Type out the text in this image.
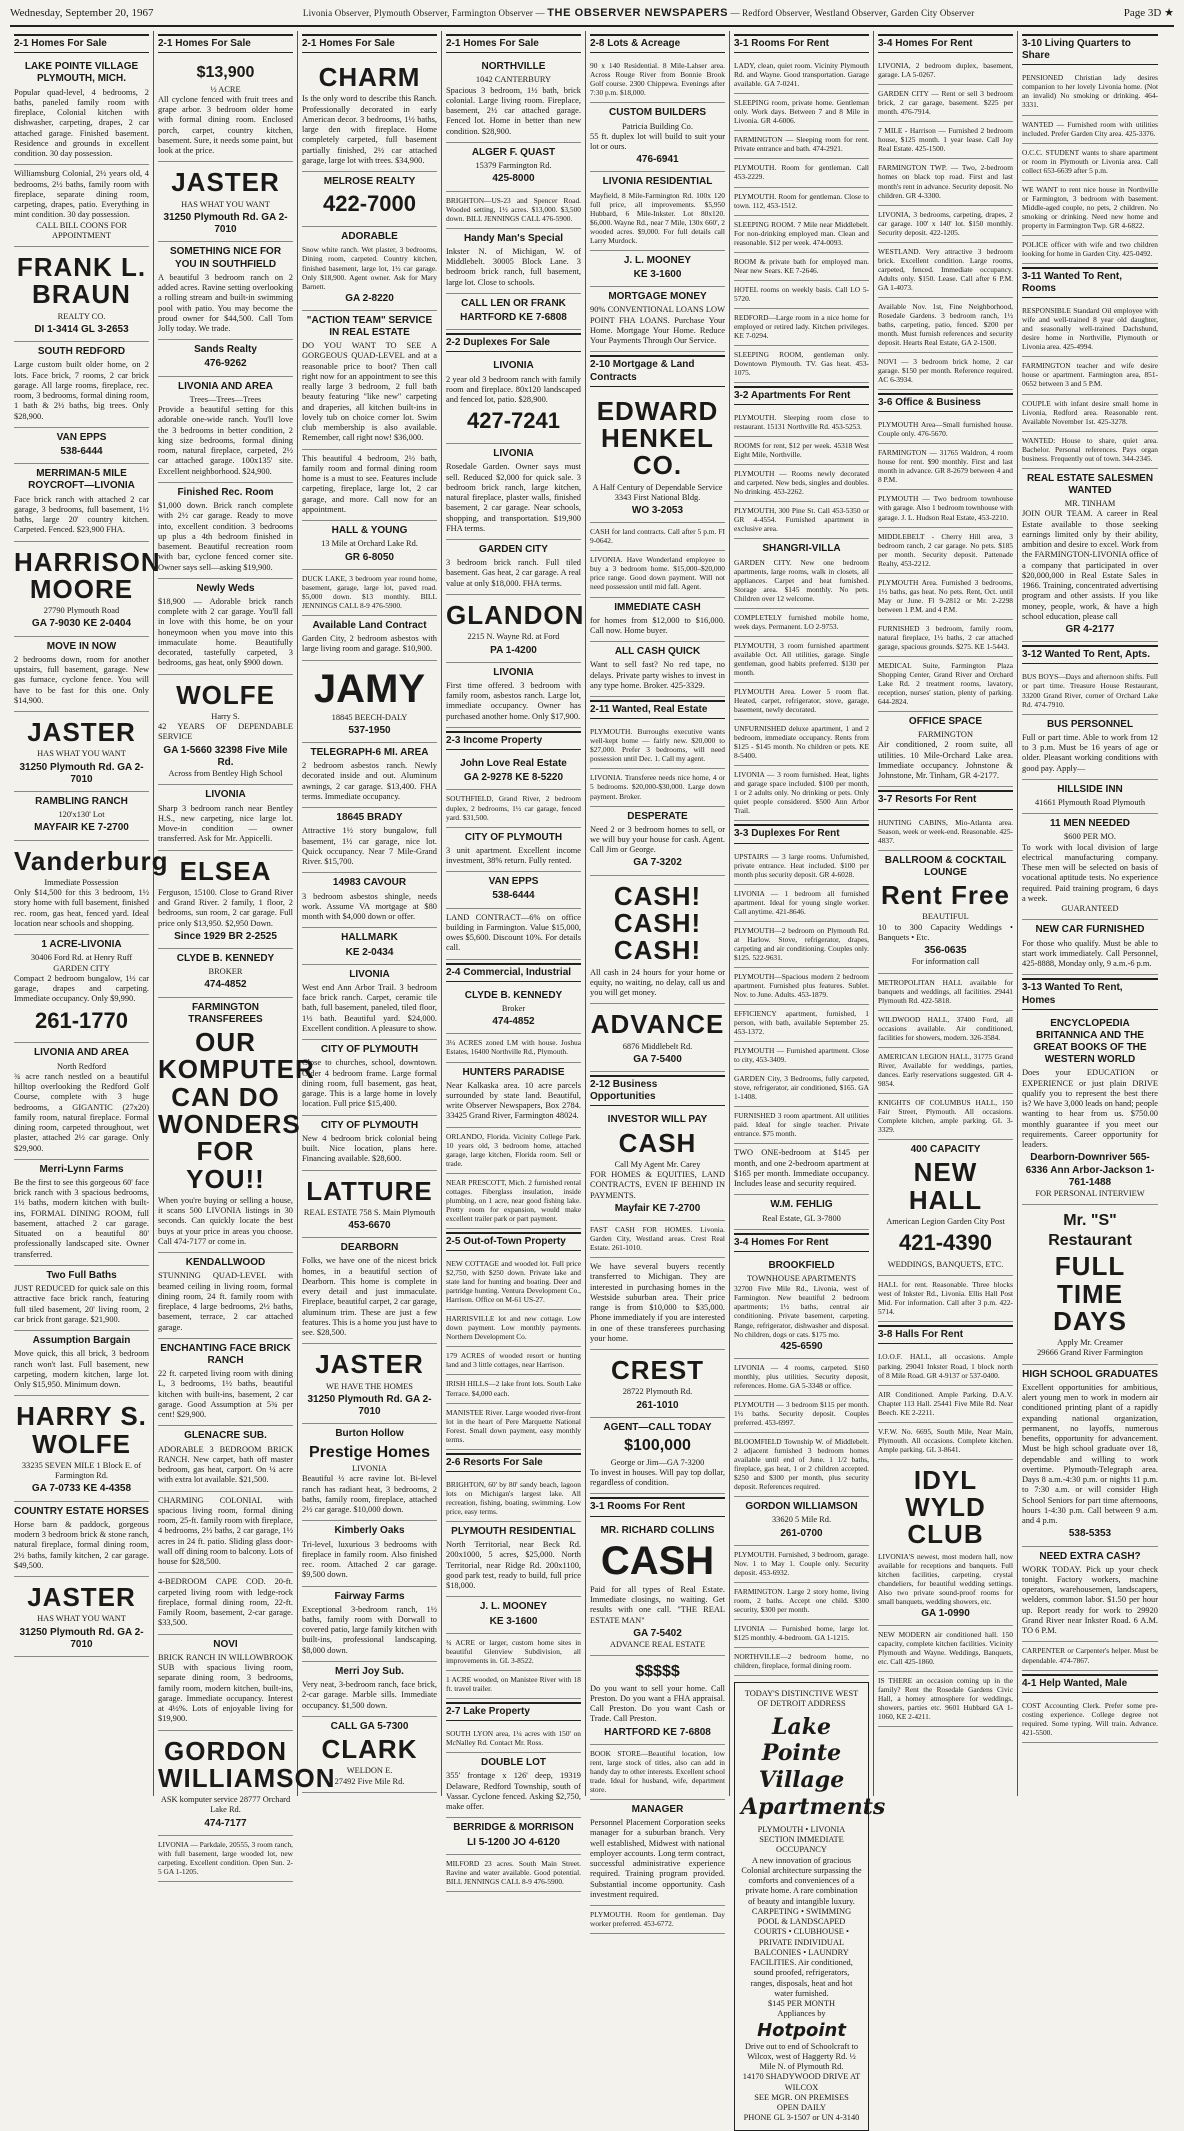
Wednesday, September 20, 1967	Livonia Observer, Plymouth Observer, Farmington Observer — THE OBSERVER NEWSPAPERS — Redford Observer, Westland Observer, Garden City Observer	Page 3D ★
2-1 Homes For Sale
LAKE POINTE VILLAGE PLYMOUTH, MICH.
Popular quad-level, 4 bedrooms, 2 baths, paneled family room with fireplace, Colonial kitchen with dishwasher, carpeting, drapes, 2 car attached garage. Finished basement. Residence and grounds in excellent condition. 30 day possession.
Williamsburg Colonial, 2½ years old, 4 bedrooms, 2½ baths, family room with fireplace, separate dining room, carpeting, drapes, patio. Everything in mint condition. 30 day possession.
CALL BILL COONS FOR APPOINTMENT
FRANK L. BRAUN
REALTY CO.
DI 1-3414 GL 3-2653
SOUTH REDFORD
Large custom built older home, on 2 lots. Face brick, 7 rooms, 2 car brick garage. All large rooms, fireplace, rec. room, 3 bedrooms, formal dining room, 1 bath & 2½ baths, big trees. Only $28,900.
VAN EPPS
538-6444
MERRIMAN-5 MILE ROYCROFT—LIVONIA
Face brick ranch with attached 2 car garage, 3 bedrooms, full basement, 1½ baths, large 20' country kitchen. Carpeted. Fenced. $23,900 FHA.
HARRISON MOORE
27790 Plymouth Road
GA 7-9030 KE 2-0404
MOVE IN NOW
2 bedrooms down, room for another upstairs, full basement, garage. New gas furnace, cyclone fence. You will have to be fast for this one. Only $14,900.
JASTER
HAS WHAT YOU WANT
31250 Plymouth Rd. GA 2-7010
RAMBLING RANCH
120'x130' Lot
MAYFAIR KE 7-2700
Vanderburg
Immediate Possession
Only $14,500 for this 3 bedroom, 1½ story home with full basement, finished rec. room, gas heat, fenced yard. Ideal location near schools and shopping.
1 ACRE-LIVONIA
30406 Ford Rd. at Henry Ruff GARDEN CITY
Compact 2 bedroom bungalow, 1½ car garage, drapes and carpeting. Immediate occupancy. Only $9,990.
261-1770
LIVONIA AND AREA
North Redford
¾ acre ranch nestled on a beautiful hilltop overlooking the Redford Golf Course, complete with 3 huge bedrooms, a GIGANTIC (27x20) family room, natural fireplace. Formal dining room, carpeted throughout, wet plaster, attached 2½ car garage. Only $29,900.
Merri-Lynn Farms
Be the first to see this gorgeous 60' face brick ranch with 3 spacious bedrooms, 1½ baths, modern kitchen with built-ins, FORMAL DINING ROOM, full basement, attached 2 car garage. Situated on a beautiful 80' professionally landscaped site. Owner transferred.
Two Full Baths
JUST REDUCED for quick sale on this attractive face brick ranch, featuring full tiled basement, 20' living room, 2 car brick front garage. $21,900.
Assumption Bargain
Move quick, this all brick, 3 bedroom ranch won't last. Full basement, new carpeting, modern kitchen, large lot. Only $15,950. Minimum down.
HARRY S. WOLFE
33235 SEVEN MILE 1 Block E. of Farmington Rd.
GA 7-0733 KE 4-4358
COUNTRY ESTATE HORSES
Horse barn & paddock, gorgeous modern 3 bedroom brick & stone ranch, natural fireplace, formal dining room, 2½ baths, family kitchen, 2 car garage. $49,500.
JASTER
HAS WHAT YOU WANT
31250 Plymouth Rd. GA 2-7010
2-1 Homes For Sale
$13,900
½ ACRE
All cyclone fenced with fruit trees and grape arbor. 3 bedroom older home with formal dining room. Enclosed porch, carpet, country kitchen, basement. Sure, it needs some paint, but look at the price.
JASTER
HAS WHAT YOU WANT
31250 Plymouth Rd. GA 2-7010
SOMETHING NICE FOR YOU IN SOUTHFIELD
A beautiful 3 bedroom ranch on 2 added acres. Ravine setting overlooking a rolling stream and built-in swimming pool with patio. You may become the proud owner for $44,500. Call Tom Jolly today. We trade.
Sands Realty
476-9262
LIVONIA AND AREA
Trees—Trees—Trees
Provide a beautiful setting for this adorable one-wide ranch. You'll love the 3 bedrooms in better condition, 2 king size bedrooms, formal dining room, natural fireplace, carpeted, 2½ car attached garage. 100x135' site. Excellent neighborhood. $24,900.
Finished Rec. Room
$1,000 down. Brick ranch complete with 2½ car garage. Ready to move into, excellent condition. 3 bedrooms up plus a 4th bedroom finished in basement. Beautiful recreation room with bar, cyclone fenced corner site. Owner says sell—asking $19,900.
Newly Weds
$18,900 — Adorable brick ranch complete with 2 car garage. You'll fall in love with this home, be on your honeymoon when you move into this immaculate home. Beautifully decorated, tastefully carpeted, 3 bedrooms, gas heat, only $900 down.
WOLFE
Harry S.
42 YEARS OF DEPENDABLE SERVICE
GA 1-5660 32398 Five Mile Rd.
Across from Bentley High School
LIVONIA
Sharp 3 bedroom ranch near Bentley H.S., new carpeting, nice large lot. Move-in condition — owner transferred. Ask for Mr. Appicelli.
ELSEA
Ferguson, 15100. Close to Grand River and Grand River. 2 family, 1 floor, 2 bedrooms, sun room, 2 car garage. Full price only $13,950. $2,950 Down.
Since 1929 BR 2-2525
CLYDE B. KENNEDY
BROKER
474-4852
FARMINGTON TRANSFEREES
OUR KOMPUTER CAN DO WONDERS FOR YOU!!
When you're buying or selling a house, it scans 500 LIVONIA listings in 30 seconds. Can quickly locate the best buys at your price in areas you choose. Call 474-7177 or come in.
KENDALLWOOD
STUNNING QUAD-LEVEL with beamed ceiling in living room, formal dining room, 24 ft. family room with fireplace, 4 large bedrooms, 2½ baths, basement, terrace, 2 car attached garage.
ENCHANTING FACE BRICK RANCH
22 ft. carpeted living room with dining L, 3 bedrooms, 1½ baths, beautiful kitchen with built-ins, basement, 2 car garage. Good Assumption at 5¾ per cent! $29,900.
GLENACRE SUB.
ADORABLE 3 BEDROOM BRICK RANCH. New carpet, bath off master bedroom, gas heat, carport. On ¼ acre with extra lot available. $21,500.
CHARMING COLONIAL with spacious living room, formal dining room, 25-ft. family room with fireplace, 4 bedrooms, 2½ baths, 2 car garage, 1½ acres in 24 ft. patio. Sliding glass door-wall off dining room to balcony. Lots of house for $28,500.
4-BEDROOM CAPE COD. 20-ft. carpeted living room with ledge-rock fireplace, formal dining room, 22-ft. Family Room, basement, 2-car garage. $33,500.
NOVI
BRICK RANCH IN WILLOWBROOK SUB with spacious living room, separate dining room, 3 bedrooms, family room, modern kitchen, built-ins, garage. Immediate occupancy. Interest at 4½%. Lots of enjoyable living for $19,900.
GORDON WILLIAMSON
ASK komputer service 28777 Orchard Lake Rd.
474-7177
LIVONIA — Parkdale, 20555, 3 room ranch, with full basement, large wooded lot, new carpeting. Excellent condition. Open Sun. 2-5 GA 1-1205.
2-1 Homes For Sale
CHARM
Is the only word to describe this Ranch. Professionally decorated in early American decor. 3 bedrooms, 1½ baths, large den with fireplace. Home completely carpeted, full basement partially finished, 2½ car attached garage, large lot with trees. $34,900.
MELROSE REALTY
422-7000
ADORABLE
Snow white ranch. Wet plaster, 3 bedrooms, Dining room, carpeted. Country kitchen, finished basement, large lot, 1½ car garage. Only $18,900. Agent owner. Ask for Mary Barnett.
GA 2-8220
"ACTION TEAM" SERVICE IN REAL ESTATE
DO YOU WANT TO SEE A GORGEOUS QUAD-LEVEL and at a reasonable price to boot? Then call right now for an appointment to see this really large 3 bedroom, 2 full bath beauty featuring "like new" carpeting and draperies, all kitchen built-ins in lovely tub on choice corner lot. Swim club membership is also available. Remember, call right now! $36,000.
This beautiful 4 bedroom, 2½ bath, family room and formal dining room home is a must to see. Features include carpeting, fireplace, large lot, 2 car garage, and more. Call now for an appointment.
HALL & YOUNG
13 Mile at Orchard Lake Rd.
GR 6-8050
DUCK LAKE, 3 bedroom year round home, basement, garage, large lot, paved road. $5,000 down. $13 monthly. BILL JENNINGS CALL 8-9 476-5900.
Available Land Contract
Garden City, 2 bedroom asbestos with large living room and garage. $10,900.
JAMY
18845 BEECH-DALY
537-1950
TELEGRAPH-6 MI. AREA
2 bedroom asbestos ranch. Newly decorated inside and out. Aluminum awnings, 2 car garage. $13,400. FHA terms. Immediate occupancy.
18645 BRADY
Attractive 1½ story bungalow, full basement, 1½ car garage, nice lot. Quick occupancy. Near 7 Mile-Grand River. $15,700.
14983 CAVOUR
3 bedroom asbestos shingle, needs work. Assume VA mortgage at $80 month with $4,000 down or offer.
HALLMARK
KE 2-0434
LIVONIA
West end Ann Arbor Trail. 3 bedroom face brick ranch. Carpet, ceramic tile bath, full basement, paneled, tiled floor, 1½ bath. Beautiful yard. $24,000. Excellent condition. A pleasure to show.
CITY OF PLYMOUTH
Close to churches, school, downtown. Older 4 bedroom frame. Large formal dining room, full basement, gas heat, garage. This is a large home in lovely location. Full price $15,400.
CITY OF PLYMOUTH
New 4 bedroom brick colonial being built. Nice location, plans here. Financing available. $28,600.
LATTURE
REAL ESTATE 758 S. Main Plymouth
453-6670
DEARBORN
Folks, we have one of the nicest brick homes, in a beautiful section of Dearborn. This home is complete in every detail and just immaculate. Fireplace, beautiful carpet, 2 car garage, aluminum trim. These are just a few features. This is a home you just have to see. $28,500.
JASTER
WE HAVE THE HOMES
31250 Plymouth Rd. GA 2-7010
Burton Hollow
Prestige Homes
LIVONIA
Beautiful ½ acre ravine lot. Bi-level ranch has radiant heat, 3 bedrooms, 2 baths, family room, fireplace, attached 2½ car garage. $10,000 down.
Kimberly Oaks
Tri-level, luxurious 3 bedrooms with fireplace in family room. Also finished rec. room. Attached 2 car garage. $9,500 down.
Fairway Farms
Exceptional 3-bedroom ranch, 1½ baths, family room with Dorwall to covered patio, large family kitchen with built-ins, professional landscaping. $8,000 down.
Merri Joy Sub.
Very neat, 3-bedroom ranch, face brick, 2-car garage. Marble sills. Immediate occupancy. $1,500 down.
CALL GA 5-7300
CLARK
WELDON E.
27492 Five Mile Rd.
2-1 Homes For Sale
NORTHVILLE
1042 CANTERBURY
Spacious 3 bedroom, 1½ bath, brick colonial. Large living room. Fireplace, basement, 2½ car attached garage. Fenced lot. Home in better than new condition. $28,900.
ALGER F. QUAST
15379 Farmington Rd.
425-8000
BRIGHTON—US-23 and Spencer Road. Wooded setting, 1½ acres. $13,000. $3,500 down. BILL JENNINGS CALL 476-5900.
Handy Man's Special
Inkster N. of Michigan, W. of Middlebelt. 30005 Block Lane. 3 bedroom brick ranch, full basement, large lot. Close to schools.
CALL LEN OR FRANK
HARTFORD KE 7-6808
2-2 Duplexes For Sale
LIVONIA
2 year old 3 bedroom ranch with family room and fireplace. 80x120 landscaped and fenced lot, patio. $28,900.
427-7241
LIVONIA
Rosedale Garden. Owner says must sell. Reduced $2,000 for quick sale. 3 bedroom brick ranch, large kitchen, natural fireplace, plaster walls, finished basement, 2 car garage. Near schools, shopping, and transportation. $19,900 FHA terms.
GARDEN CITY
3 bedroom brick ranch. Full tiled basement. Gas heat, 2 car garage. A real value at only $18,000. FHA terms.
GLANDON
2215 N. Wayne Rd. at Ford
PA 1-4200
LIVONIA
First time offered. 3 bedroom with family room, asbestos ranch. Large lot, immediate occupancy. Owner has purchased another home. Only $17,900.
2-3 Income Property
John Love Real Estate
GA 2-9278 KE 8-5220
SOUTHFIELD, Grand River, 2 bedroom duplex, 2 bedrooms, 1½ car garage, fenced yard. $31,500.
CITY OF PLYMOUTH
3 unit apartment. Excellent income investment, 38% return. Fully rented.
VAN EPPS
538-6444
LAND CONTRACT—6% on office building in Farmington. Value $15,000, owes $5,600. Discount 10%. For details call.
2-4 Commercial, Industrial
CLYDE B. KENNEDY
Broker
474-4852
3¼ ACRES zoned LM with house. Joshua Estates, 16400 Northville Rd., Plymouth.
HUNTERS PARADISE
Near Kalkaska area. 10 acre parcels surrounded by state land. Beautiful, write Observer Newspapers, Box 2784. 33425 Grand River, Farmington 48024.
ORLANDO, Florida. Vicinity College Park. 10 years old, 3 bedroom home, attached garage, large kitchen, Florida room. Sell or trade.
NEAR PRESCOTT, Mich. 2 furnished rental cottages. Fiberglass insulation, inside plumbing, on 1 acre, near good fishing lake. Pretty room for expansion, would make excellent trailer park or part payment.
2-5 Out-of-Town Property
NEW COTTAGE and wooded lot. Full price $2,750, with $250 down. Private lake and state land for hunting and boating. Deer and partridge hunting. Ventura Development Co., Harrison. Office on M-61 US-27.
HARRISVILLE lot and new cottage. Low down payment. Low monthly payments. Northern Development Co.
179 ACRES of wooded resort or hunting land and 3 little cottages, near Harrison.
IRISH HILLS—2 lake front lots. South Lake Terrace. $4,000 each.
MANISTEE River. Large wooded river-front lot in the heart of Pere Marquette National Forest. Small down payment, easy monthly terms.
2-6 Resorts For Sale
BRIGHTON, 60' by 80' sandy beach, lagoon lots on Michigan's largest lake. All recreation, fishing, boating, swimming. Low price, easy terms.
PLYMOUTH RESIDENTIAL
North Territorial, near Beck Rd. 200x1000, 5 acres, $25,000. North Territorial, near Ridge Rd. 200x1100, good park test, ready to build, full price $18,000.
J. L. MOONEY
KE 3-1600
¾ ACRE or larger, custom home sites in beautiful Glenview Subdivision, all improvements in. GL 3-8522.
1 ACRE wooded, on Manistee River with 18 ft. travel trailer.
2-7 Lake Property
SOUTH LYON area, 1¼ acres with 150' on McNalley Rd. Contact Mr. Ross.
DOUBLE LOT
355' frontage x 126' deep, 19319 Delaware, Redford Township, south of Vassar. Cyclone fenced. Asking $2,750, make offer.
BERRIDGE & MORRISON
LI 5-1200 JO 4-6120
MILFORD 23 acres. South Main Street. Ravine and water available. Good potential. BILL JENNINGS CALL 8-9 476-5900.
2-8 Lots & Acreage
90 x 140 Residential. 8 Mile-Lahser area. Across Rouge River from Bonnie Brook Golf course. 2300 Chippewa. Evenings after 7:30 p.m. $18,000.
CUSTOM BUILDERS
Patricia Building Co.
55 ft. duplex lot will build to suit your lot or ours.
476-6941
LIVONIA RESIDENTIAL
Mayfield, 8 Mile-Farmington Rd. 100x 120 full price, all improvements. $5,950 Hubbard, 6 Mile-Inkster. Lot 80x120. $6,000. Wayne Rd., near 7 Mile, 130x 660', 2 wooded acres. $9,000. For full details call Larry Murdock.
J. L. MOONEY
KE 3-1600
MORTGAGE MONEY
90% CONVENTIONAL LOANS LOW POINT FHA LOANS. Purchase Your Home. Mortgage Your Home. Reduce Your Payments Through Our Service.
2-10 Mortgage & Land Contracts
EDWARD HENKEL CO.
A Half Century of Dependable Service 3343 First National Bldg.
WO 3-2053
CASH for land contracts. Call after 5 p.m. FI 9-0642.
LIVONIA. Have Wonderland employee to buy a 3 bedroom home. $15,000–$20,000 price range. Good down payment. Will not need possession until mid fall. Agent.
IMMEDIATE CASH
for homes from $12,000 to $16,000. Call now. Home buyer.
ALL CASH QUICK
Want to sell fast? No red tape, no delays. Private party wishes to invest in any type home. Broker. 425-3329.
2-11 Wanted, Real Estate
PLYMOUTH. Burroughs executive wants well-kept home — fairly new. $20,000 to $27,000. Prefer 3 bedrooms, will need possession until Dec. 1. Call my agent.
LIVONIA. Transferee needs nice home, 4 or 5 bedrooms. $20,000-$30,000. Large down payment. Broker.
DESPERATE
Need 2 or 3 bedroom homes to sell, or we will buy your house for cash. Agent. Call Jim or George.
GA 7-3202
CASH! CASH! CASH!
All cash in 24 hours for your home or equity, no waiting, no delay, call us and you will get money.
ADVANCE
6876 Middlebelt Rd.
GA 7-5400
2-12 Business Opportunities
INVESTOR WILL PAY
CASH
Call My Agent Mr. Carey
FOR HOMES & EQUITIES, LAND CONTRACTS, EVEN IF BEHIND IN PAYMENTS.
Mayfair KE 7-2700
FAST CASH FOR HOMES. Livonia. Garden City, Westland areas. Crest Real Estate. 261-1010.
We have several buyers recently transferred to Michigan. They are interested in purchasing homes in the Westside suburban area. Their price range is from $10,000 to $35,000. Phone immediately if you are interested in one of these transferees purchasing your home.
CREST
28722 Plymouth Rd.
261-1010
AGENT—CALL TODAY
$100,000
George or Jim—GA 7-3200
To invest in houses. Will pay top dollar, regardless of condition.
3-1 Rooms For Rent
MR. RICHARD COLLINS
CASH
Paid for all types of Real Estate. Immediate closings, no waiting. Get results with one call. "THE REAL ESTATE MAN"
GA 7-5402
ADVANCE REAL ESTATE
$$$$$
Do you want to sell your home. Call Preston. Do you want a FHA appraisal. Call Preston. Do you want Cash or Trade. Call Preston.
HARTFORD KE 7-6808
BOOK STORE—Beautiful location, low rent, large stock of titles, also can add in handy day to other interests. Excellent school trade. Ideal for husband, wife, department store.
MANAGER
Personnel Placement Corporation seeks manager for a suburban branch. Very well established, Midwest with national employer accounts. Long term contract, successful administrative experience required. Training program provided. Substantial income opportunity. Cash investment required.
PLYMOUTH. Room for gentleman. Day worker preferred. 453-6772.
3-1 Rooms For Rent
LADY, clean, quiet room. Vicinity Plymouth Rd. and Wayne. Good transportation. Garage available. GA 7-0241.
SLEEPING room, private home. Gentleman only. Work days. Between 7 and 8 Mile in Livonia. GR 4-6006.
FARMINGTON — Sleeping room for rent. Private entrance and bath. 474-2921.
PLYMOUTH. Room for gentleman. Call 453-2229.
PLYMOUTH. Room for gentleman. Close to town. 112, 453-1512.
SLEEPING ROOM. 7 Mile near Middlebelt. For non-drinking employed man. Clean and reasonable. $12 per week. 474-0093.
ROOM & private bath for employed man. Near new Sears. KE 7-2646.
HOTEL rooms on weekly basis. Call LO 5-5720.
REDFORD—Large room in a nice home for employed or retired lady. Kitchen privileges. KE 7-0294.
SLEEPING ROOM, gentleman only. Downtown Plymouth. TV. Gas heat. 453-1075.
3-2 Apartments For Rent
PLYMOUTH. Sleeping room close to restaurant. 15131 Northville Rd. 453-5253.
ROOMS for rent, $12 per week. 45318 West Eight Mile, Northville.
PLYMOUTH — Rooms newly decorated and carpeted. New beds, singles and doubles. No drinking. 453-2262.
PLYMOUTH, 300 Pine St. Call 453-5350 or GR 4-4554. Furnished apartment in exclusive area.
SHANGRI-VILLA
GARDEN CITY. New one bedroom apartments, large rooms, walk in closets, all appliances. Carpet and heat furnished. Storage area. $145 monthly. No pets. Children over 12 welcome.
COMPLETELY furnished mobile home, week days. Permanent. LO 2-9753.
PLYMOUTH, 3 room furnished apartment available Oct. All utilities, garage. Single gentleman, good habits preferred. $130 per month.
PLYMOUTH Area. Lower 5 room flat. Heated, carpet, refrigerator, stove, garage, basement, newly decorated.
UNFURNISHED deluxe apartment, 1 and 2 bedroom, immediate occupancy. Rents from $125 - $145 month. No children or pets. KE 8-5400.
LIVONIA — 3 room furnished. Heat, lights and garage space included. $100 per month, 1 or 2 adults only. No drinking or pets. Only quiet people considered. $500 Ann Arbor Trail.
3-3 Duplexes For Rent
UPSTAIRS — 3 large rooms. Unfurnished, private entrance. Heat included. $100 per month plus security deposit. GR 4-6028.
LIVONIA — 1 bedroom all furnished apartment. Ideal for young single worker. Call anytime. 421-8646.
PLYMOUTH—2 bedroom on Plymouth Rd. at Harlow. Stove, refrigerator, drapes, carpeting and air conditioning. Couples only. $125. 522-9631.
PLYMOUTH—Spacious modern 2 bedroom apartment. Furnished plus features. Sublet. Nov. to June. Adults. 453-1879.
EFFICIENCY apartment, furnished, 1 person, with bath, available September 25. 453-1372.
PLYMOUTH — Furnished apartment. Close to city, 453-3409.
GARDEN City, 3 Bedrooms, fully carpeted, stove, refrigerator, air conditioned, $165. GA 1-1408.
FURNISHED 3 room apartment. All utilities paid. Ideal for single teacher. Private entrance. $75 month.
TWO ONE-bedroom at $145 per month, and one 2-bedroom apartment at $165 per month. Immediate occupancy. Includes lease and security required.
W.M. FEHLIG
Real Estate, GL 3-7800
3-4 Homes For Rent
BROOKFIELD
TOWNHOUSE APARTMENTS
32700 Five Mile Rd., Livonia, west of Farmington. New beautiful 2 bedroom apartments; 1½ baths, central air conditioning. Private basement, carpeting. Range, refrigerator, dishwasher and disposal. No children, dogs or cats. $175 mo.
425-6590
LIVONIA — 4 rooms, carpeted. $160 monthly, plus utilities. Security deposit, references. Home. GA 5-3348 or office.
PLYMOUTH — 3 bedroom $115 per month. 1½ baths. Security deposit. Couples preferred. 453-6997.
BLOOMFIELD Township W. of Middlebelt. 2 adjacent furnished 3 bedroom homes available until end of June. 1 1/2 baths, fireplace, gas heat, 1 or 2 children accepted. $250 and $300 per month, plus security deposit. References required.
GORDON WILLIAMSON
33620 5 Mile Rd.
261-0700
PLYMOUTH. Furnished, 3 bedroom, garage. Nov. 1 to May 1. Couple only. Security deposit. 453-6932.
FARMINGTON. Large 2 story home, living room, 2 baths. Accept one child. $300 security, $300 per month.
LIVONIA — Furnished home, large lot. $125 monthly. 4-bedroom. GA 1-1215.
NORTHVILLE—2 bedroom home, no children, fireplace, formal dining room.
TODAY'S DISTINCTIVE WEST OF DETROIT ADDRESS
Lake Pointe Village Apartments
PLYMOUTH • LIVONIA SECTION IMMEDIATE OCCUPANCY
A new innovation of gracious Colonial architecture surpassing the comforts and conveniences of a private home. A rare combination of beauty and intangible luxury. CARPETING • SWIMMING POOL & LANDSCAPED COURTS • CLUBHOUSE • PRIVATE INDIVIDUAL BALCONIES • LAUNDRY FACILITIES. Air conditioned, sound proofed, refrigerators, ranges, disposals, heat and hot water furnished.
$145 PER MONTH
Appliances by
Hotpoint
Drive out to end of Schoolcraft to Wilcox, west of Haggerty Rd. ½ Mile N. of Plymouth Rd.
14170 SHADYWOOD DRIVE AT WILCOX
SEE MGR. ON PREMISES
OPEN DAILY
PHONE GL 3-1507 or UN 4-3140
3-4 Homes For Rent
LIVONIA, 2 bedroom duplex, basement, garage. LA 5-0267.
GARDEN CITY — Rent or sell 3 bedroom brick, 2 car garage, basement. $225 per month. 476-7914.
7 MILE - Harrison — Furnished 2 bedroom house, $125 month. 1 year lease. Call Joy Real Estate. 425-1500.
FARMINGTON TWP. — Two, 2-bedroom homes on black top road. First and last month's rent in advance. Security deposit. No children. GR 4-3300.
LIVONIA, 3 bedrooms, carpeting, drapes, 2 car garage. 100' x 140' lot. $150 monthly. Security deposit. 422-1205.
WESTLAND. Very attractive 3 bedroom brick. Excellent condition. Large rooms, carpeted, fenced. Immediate occupancy. Adults only. $150. Lease. Call after 6 P.M. GA 1-4073.
Available Nov. 1st, Fine Neighborhood, Rosedale Gardens. 3 bedroom ranch, 1½ baths, carpeting, patio, fenced. $200 per month. Must furnish references and security deposit. Hearts Real Estate, GA 2-1500.
NOVI — 3 bedroom brick home, 2 car garage. $150 per month. Reference required. AC 6-3934.
3-6 Office & Business
PLYMOUTH Area—Small furnished house. Couple only. 476-5670.
FARMINGTON — 31765 Waldron, 4 room house for rent. $90 monthly. First and last month in advance. GR 8-2679 between 4 and 8 P.M.
PLYMOUTH — Two bedroom townhouse with garage. Also 1 bedroom townhouse with garage. J. L. Hudson Real Estate, 453-2210.
MIDDLEBELT - Cherry Hill area, 3 bedroom ranch, 2 car garage. No pets. $185 per month. Security deposit. Pattenade Realty, 453-2212.
PLYMOUTH Area. Furnished 3 bedrooms, 1½ baths, gas heat. No pets. Rent, Oct. until May or June. Fl 9-2812 or Mr. 2-2298 between 1 P.M. and 4 P.M.
FURNISHED 3 bedroom, family room, natural fireplace, 1½ baths, 2 car attached garage, spacious grounds. $275. KE 1-5443.
MEDICAL Suite, Farmington Plaza Shopping Center, Grand River and Orchard Lake Rd. 2 treatment rooms, lavatory, reception, nurses' station, plenty of parking. 644-2824.
OFFICE SPACE
FARMINGTON
Air conditioned, 2 room suite, all utilities. 10 Mile-Orchard Lake area. Immediate occupancy. Johnstone & Johnstone, Mr. Tinham, GR 4-2177.
3-7 Resorts For Rent
HUNTING CABINS, Mio-Atlanta area. Season, week or week-end. Reasonable. 425-4837.
BALLROOM & COCKTAIL LOUNGE
Rent Free
BEAUTIFUL
10 to 300 Capacity Weddings • Banquets • Etc.
356-0635
For information call
METROPOLITAN HALL available for banquets and weddings, all facilities. 29441 Plymouth Rd. 422-5818.
WILDWOOD HALL, 37400 Ford, all occasions available. Air conditioned, facilities for showers, modern. 326-3584.
AMERICAN LEGION HALL, 31775 Grand River, Available for weddings, parties, dances. Early reservations suggested. GR 4-9854.
KNIGHTS OF COLUMBUS HALL, 150 Fair Street, Plymouth. All occasions. Complete kitchen, ample parking. GL 3-3329.
400 CAPACITY
NEW HALL
American Legion Garden City Post
421-4390
WEDDINGS, BANQUETS, ETC.
HALL for rent. Reasonable. Three blocks west of Inkster Rd., Livonia. Ellis Hall Post Mid. For information. Call after 3 p.m. 422-5714.
3-8 Halls For Rent
I.O.O.F. HALL, all occasions. Ample parking. 29041 Inkster Road, 1 block north of 8 Mile Road. GR 4-9137 or 537-0400.
AIR Conditioned. Ample Parking. D.A.V. Chapter 113 Hall. 25441 Five Mile Rd. Near Beech. KE 2-2211.
V.F.W. No. 6695, South Mile, Near Main, Plymouth. All occasions. Complete kitchen. Ample parking. GL 3-8641.
IDYL WYLD CLUB
LIVONIA'S newest, most modern hall, now available for receptions and banquets. Full kitchen facilities, carpeting, crystal chandeliers, for beautiful wedding settings. Also two private sound-proof rooms for small banquets, wedding showers, etc.
GA 1-0990
NEW MODERN air conditioned hall. 150 capacity, complete kitchen facilities. Vicinity Plymouth and Wayne. Weddings, Banquets, etc. Call 425-1860.
IS THERE an occasion coming up in the family? Rent the Rosedale Gardens Civic Hall, a homey atmosphere for weddings, showers, parties etc. 9601 Hubbard GA 1-1060, KE 2-4211.
3-10 Living Quarters to Share
PENSIONED Christian lady desires companion to her lovely Livonia home. (Not an invalid) No smoking or drinking. 464-3331.
WANTED — Furnished room with utilities included. Prefer Garden City area. 425-3376.
O.C.C. STUDENT wants to share apartment or room in Plymouth or Livonia area. Call collect 653-6639 after 5 p.m.
WE WANT to rent nice house in Northville or Farmington, 3 bedroom with basement. Middle-aged couple, no pets, 2 children. No smoking or drinking. Need new home and property in Farmington Twp. GR 4-6822.
POLICE officer with wife and two children looking for home in Garden City. 425-0492.
3-11 Wanted To Rent, Rooms
RESPONSIBLE Standard Oil employee with wife and well-trained 8 year old daughter, and seasonally well-trained Dachshund, desire home in Northville, Plymouth or Livonia area. 425-4994.
FARMINGTON teacher and wife desire house or apartment. Farmington area, 851-0652 between 3 and 5 P.M.
COUPLE with infant desire small home in Livonia, Redford area. Reasonable rent. Available November 1st. 425-3278.
WANTED: House to share, quiet area. Bachelor. Personal references. Pays organ business. Frequently out of town. 344-2345.
REAL ESTATE SALESMEN WANTED
MR. TINHAM
JOIN OUR TEAM. A career in Real Estate available to those seeking earnings limited only by their ability, ambition and desire to excel. Work from the FARMINGTON-LIVONIA office of a company that participated in over $20,000,000 in Real Estate Sales in 1966. Training, concentrated advertising program and other assists. If you like money, people, work, & have a high school education, please call
GR 4-2177
3-12 Wanted To Rent, Apts.
BUS BOYS—Days and afternoon shifts. Full or part time. Treasure House Restaurant, 33200 Grand River, corner of Orchard Lake Rd. 474-7910.
BUS PERSONNEL
Full or part time. Able to work from 12 to 3 p.m. Must be 16 years of age or older. Pleasant working conditions with good pay. Apply—
HILLSIDE INN
41661 Plymouth Road Plymouth
11 MEN NEEDED
$600 PER MO.
To work with local division of large electrical manufacturing company. These men will be selected on basis of vocational aptitude tests. No experience required. Paid training program, 6 days a week.
GUARANTEED
NEW CAR FURNISHED
For those who qualify. Must be able to start work immediately. Call Personnel, 425-8888, Monday only, 9 a.m.-6 p.m.
3-13 Wanted To Rent, Homes
ENCYCLOPEDIA BRITANNICA AND THE GREAT BOOKS OF THE WESTERN WORLD
Does your EDUCATION or EXPERIENCE or just plain DRIVE qualify you to represent the best there is? We have 3,000 leads on hand; people wanting to hear from us. $750.00 monthly guarantee if you meet our requirements. Career opportunity for leaders.
Dearborn-Downriver 565-6336 Ann Arbor-Jackson 1-761-1488
FOR PERSONAL INTERVIEW
Mr. "S" Restaurant
FULL TIME DAYS
Apply Mr. Creamer
29666 Grand River Farmington
HIGH SCHOOL GRADUATES
Excellent opportunities for ambitious, alert young men to work in modern air conditioned printing plant of a rapidly expanding national organization, permanent, no layoffs, numerous benefits, opportunity for advancement. Must be high school graduate over 18, dependable and willing to work overtime. Plymouth-Telegraph area. Days 8 a.m.-4:30 p.m. or nights 11 p.m. to 7:30 a.m. or will consider High School Seniors for part time afternoons, hours 1-4:30 p.m. Call between 9 a.m. and 4 p.m.
538-5353
NEED EXTRA CASH?
WORK TODAY. Pick up your check tonight. Factory workers, machine operators, warehousemen, landscapers, welders, common labor. $1.50 per hour up. Report ready for work to 29920 Grand River near Inkster Road. 6 A.M. TO 6 P.M.
CARPENTER or Carpenter's helper. Must be dependable. 474-7867.
4-1 Help Wanted, Male
COST Accounting Clerk. Prefer some pre-costing experience. College degree not required. Some typing. Will train. Advance. 421-5500.
